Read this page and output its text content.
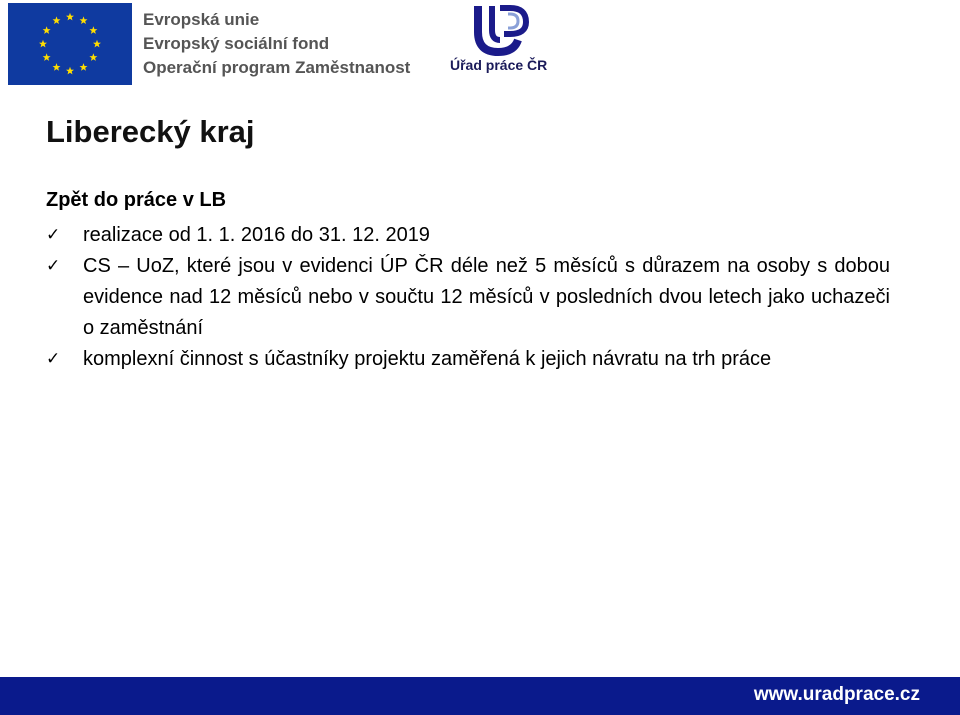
Evropská unie
Evropský sociální fond
Operační program Zaměstnanost	Úřad práce ČR
Liberecký kraj
Zpět do práce v LB
✓ realizace od 1. 1. 2016 do 31. 12. 2019
✓ CS – UoZ, které jsou v evidenci ÚP ČR déle než 5 měsíců s důrazem na osoby s dobou evidence nad 12 měsíců nebo v součtu 12 měsíců v posledních dvou letech jako uchazeči o zaměstnání
✓ komplexní činnost s účastníky projektu zaměřená k jejich návratu na trh práce
www.uradprace.cz
